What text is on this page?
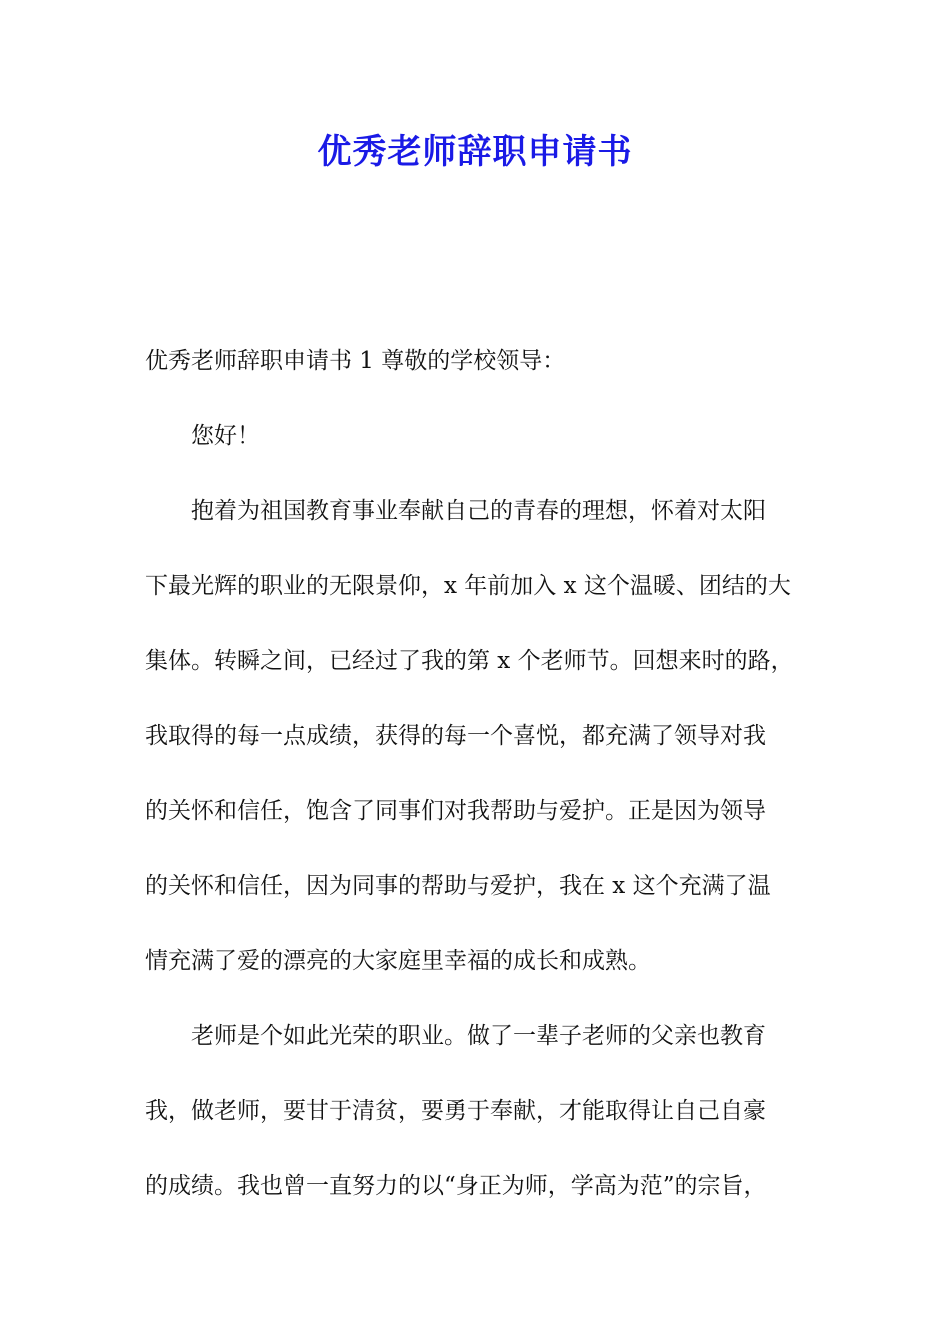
优秀老师辞职申请书

优秀老师辞职申请书 1 尊敬的学校领导：

您好！

抱着为祖国教育事业奉献自己的青春的理想，怀着对太阳

下最光辉的职业的无限景仰，x 年前加入 x 这个温暖、团结的大

集体。转瞬之间，已经过了我的第 x 个老师节。回想来时的路，

我取得的每一点成绩，获得的每一个喜悦，都充满了领导对我

的关怀和信任，饱含了同事们对我帮助与爱护。正是因为领导

的关怀和信任，因为同事的帮助与爱护，我在 x 这个充满了温

情充满了爱的漂亮的大家庭里幸福的成长和成熟。

老师是个如此光荣的职业。做了一辈子老师的父亲也教育

我，做老师，要甘于清贫，要勇于奉献，才能取得让自己自豪

的成绩。我也曾一直努力的以“身正为师，学高为范”的宗旨，
